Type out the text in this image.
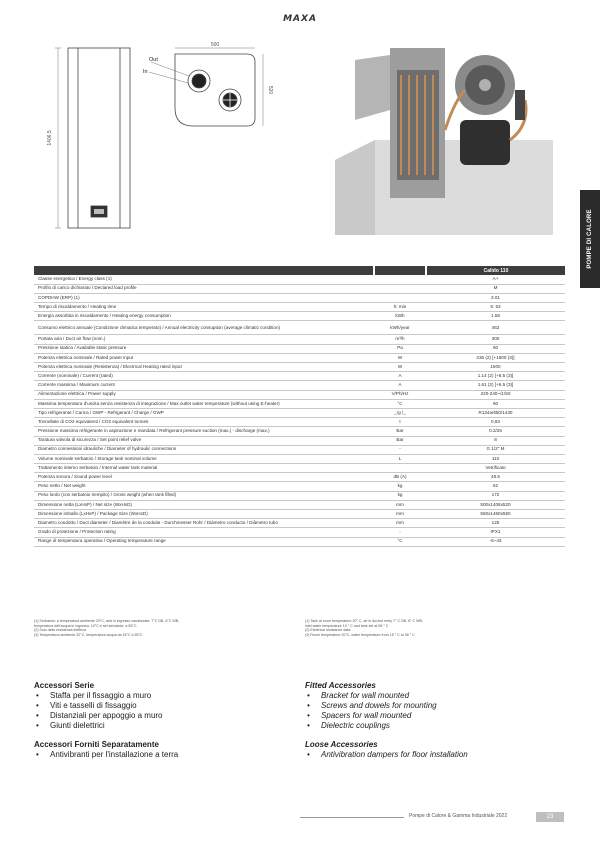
MAXA
1406,5
500
520
Out
In
POMPE DI CALORE
		Calido 110
Classe energetica / Energy class (1)		A+
Profilo di carico dichiarato / Declared load profile		M
COPDHW (ERP) (1)		3.01
Tempo di riscaldamento / Heating time	h: min	6: 53
Energia assorbita in riscaldamento / Heating energy consumption	kWh	1.58
Consumo elettrico annuale (Condizione climatica temperato) / Annual electricity consuption (average climatic condition)	kWh/year	462
Portata aria / Duct air flow (nom.)	m³/h	300
Pressione statica / Available static pressure	Pa	60
Potenza elettrica nominale / Rated power input	W	236 (2) [+1500 (3)]
Potenza elettrica nominale (Resistenza) / Electrical Heating rated input	W	1500
Corrente (nominale) / Current (rated)	A	1.14 (2) [+6.5 (3)]
Corrente massima / Maximum current	A	1.61 (2) [+6.5 (3)]
Alimentazione elettrica / Power supply	V/Ph/Hz	220-240~/1/50
Massima temperatura d'uscita senza resistenza di integrazione / Max outlet water temperature (without using E-heater)	°C	60
Tipo refrigerante / Carica / GWP - Refrigerant / Charge / GWP	_/g /_	R134a/650/1430
Tonnellate di CO2 equivalenti / CO2 equivalent tonnes	t	0,93
Pressione massima refrigerante in aspirazione e mandata / Refrigerant pressure suction (max.) - discharge (max.)	Bar	0.2/25
Taratura valvola di sicurezza / Set point relief valve	Bar	8
Diametro connessioni idrauliche / Diameter of hydraulic connections	-	G 1/2" M
Volume nominale serbatoio / Storage tank nominal volume	L	110
Trattamento interno serbatoio / Internal water tank material		Vetrificato
Potenza sonora / Sound power level	dB (A)	48.5
Peso netto / Net weight	kg	62
Peso lordo (con serbatoio riempito) / Gross weight (when tank filled)	kg	172
Dimensione netta (LxHxP) / Net size (WxHxD)	mm	500x1406x520
Dimensione imballo (LxHxP) / Package Size (WxHxD)	mm	550x1460x550
Diametro condotto / Duct diameter / Diamètre de la conduite - Durchmesser Rohr / Diámetro conducto / Diâmetro tubo	mm	125
Grado di protezione / Protection rating	-	IPX1
Range di temperatura operativa / Operating temperature range	°C	-5~43
(1) Serbatoio: a temperatura ambiente 20°C, aria in ingresso canalizzata: 7°C DB, 6°C WB,
temperatura dell'acqua in ingresso: 10°C e set serbatoio: a 55°C.
(2) Solo della resistenza elettrica
(3) Temperatura ambiente 20°C, temperatura acqua da 15°C a 55°C
(1) Tank at room temperature 20° C, air in ducted entry 7° C DB, 6° C WB,
inlet water temperature 10 ° C and tank set at 55 ° C
(2) Electrical resistance data
(3) Room temperature 20°C, water temperature from 15 ° C to 55 ° C
Accessori Serie
• Staffa per il fissaggio a muro
• Viti e tasselli di fissaggio
• Distanziali per appoggio a muro
• Giunti dielettrici
Fitted Accessories
• Bracket for wall mounted
• Screws and dowels for mounting
• Spacers for wall mounted
• Dielectric couplings
Accessori Forniti Separatamente
• Antivibranti per l'installazione a terra
Loose Accessories
• Antivibration dampers for floor installation
Pompe di Calore & Gamma Industriale 2022	23
